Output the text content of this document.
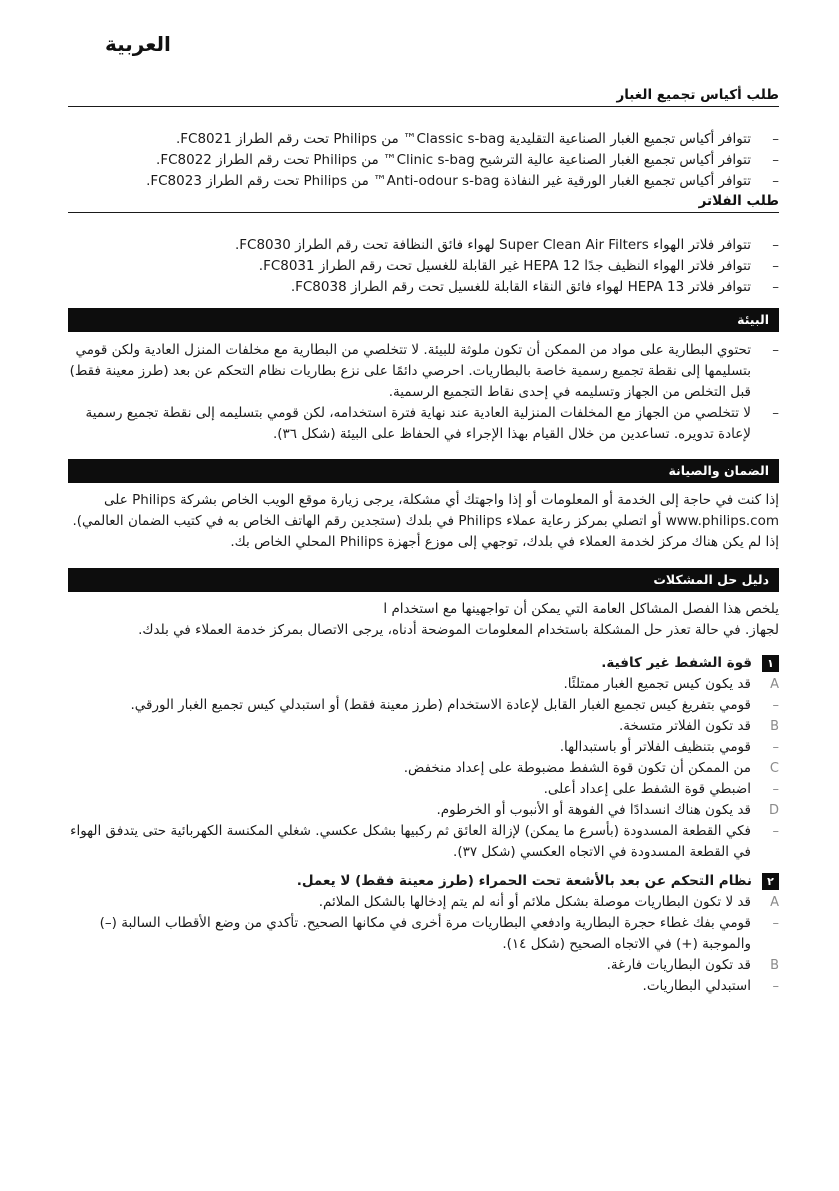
العربية
طلب أكياس تجميع الغبار
–
تتوافر أكياس تجميع الغبار الصناعية التقليدية Classic s-bag™ من Philips تحت رقم الطراز FC8021.
–
تتوافر أكياس تجميع الغبار الصناعية عالية الترشيح Clinic s-bag™ من Philips تحت رقم الطراز FC8022.
–
تتوافر أكياس تجميع الغبار الورقية غير النفاذة Anti-odour s-bag™ من Philips تحت رقم الطراز FC8023.
طلب الفلاتر
–
تتوافر فلاتر الهواء Super Clean Air Filters لهواء فائق النظافة تحت رقم الطراز FC8030.
–
تتوافر فلاتر الهواء النظيف جدًا HEPA 12 غير القابلة للغسيل تحت رقم الطراز FC8031.
–
تتوافر فلاتر HEPA 13 لهواء فائق النقاء القابلة للغسيل تحت رقم الطراز FC8038.
البيئة
–
تحتوي البطارية على مواد من الممكن أن تكون ملوثة للبيئة. لا تتخلصي من البطارية مع مخلفات المنزل العادية ولكن قومي بتسليمها إلى نقطة تجميع رسمية خاصة بالبطاريات. احرصي دائمًا على نزع بطاريات نظام التحكم عن بعد (طرز معينة فقط) قبل التخلص من الجهاز وتسليمه في إحدى نقاط التجميع الرسمية.
–
لا تتخلصي من الجهاز مع المخلفات المنزلية العادية عند نهاية فترة استخدامه، لكن قومي بتسليمه إلى نقطة تجميع رسمية لإعادة تدويره. تساعدين من خلال القيام بهذا الإجراء في الحفاظ على البيئة (شكل ٣٦).
الضمان والصيانة
إذا كنت في حاجة إلى الخدمة أو المعلومات أو إذا واجهتك أي مشكلة، يرجى زيارة موقع الويب الخاص بشركة Philips على www.philips.com أو اتصلي بمركز رعاية عملاء Philips في بلدك (ستجدين رقم الهاتف الخاص به في كتيب الضمان العالمي). إذا لم يكن هناك مركز لخدمة العملاء في بلدك، توجهي إلى موزع أجهزة Philips المحلي الخاص بك.
دليل حل المشكلات
يلخص هذا الفصل المشاكل العامة التي يمكن أن تواجهينها مع استخدام ا
لجهاز. في حالة تعذر حل المشكلة باستخدام المعلومات الموضحة أدناه، يرجى الاتصال بمركز خدمة العملاء في بلدك.
١
قوة الشفط غير كافية.
A
قد يكون كيس تجميع الغبار ممتلئًا.
–
قومي بتفريغ كيس تجميع الغبار القابل لإعادة الاستخدام (طرز معينة فقط) أو استبدلي كيس تجميع الغبار الورقي.
B
قد تكون الفلاتر متسخة.
–
قومي بتنظيف الفلاتر أو باستبدالها.
C
من الممكن أن تكون قوة الشفط مضبوطة على إعداد منخفض.
–
اضبطي قوة الشفط على إعداد أعلى.
D
قد يكون هناك انسدادًا في الفوهة أو الأنبوب أو الخرطوم.
–
فكي القطعة المسدودة (بأسرع ما يمكن) لإزالة العائق ثم ركبيها بشكل عكسي. شغلي المكنسة الكهربائية حتى يتدفق الهواء في القطعة المسدودة في الاتجاه العكسي (شكل ٣٧).
٢
نظام التحكم عن بعد بالأشعة تحت الحمراء (طرز معينة فقط) لا يعمل.
A
قد لا تكون البطاريات موصلة بشكل ملائم أو أنه لم يتم إدخالها بالشكل الملائم.
–
قومي بفك غطاء حجرة البطارية وادفعي البطاريات مرة أخرى في مكانها الصحيح. تأكدي من وضع الأقطاب السالبة (–) والموجبة (+) في الاتجاه الصحيح (شكل ١٤).
B
قد تكون البطاريات فارغة.
–
استبدلي البطاريات.
